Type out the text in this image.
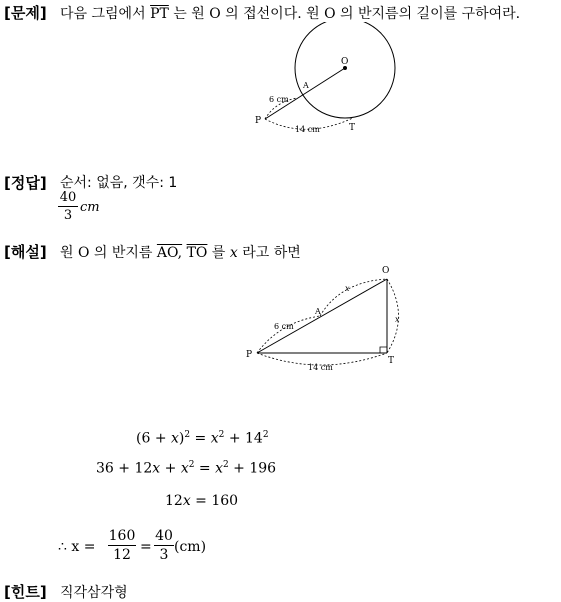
[문제] 다음 그림에서 $\overline{PT}$ 는 원 O 의 접선이다. 원 O 의 반지름의 길이를 구하여라.
O
A
P
T
6 cm
14 cm
[정답] 순서: 없음, 갯수: 1
40
3
cm
[해설] 원 O 의 반지름 AO, $\overline{TO}$ 를 x 라고 하면
O
A
P
T
x
x
6 cm
14 cm
$(6 + x)^2 = x^2 + 14^2$
$36 + 12x + x^2 = x^2 + 196$
12x = 160
∴ x =
160
12 =
40
3 (cm)
[힌트] 직각삼각형
